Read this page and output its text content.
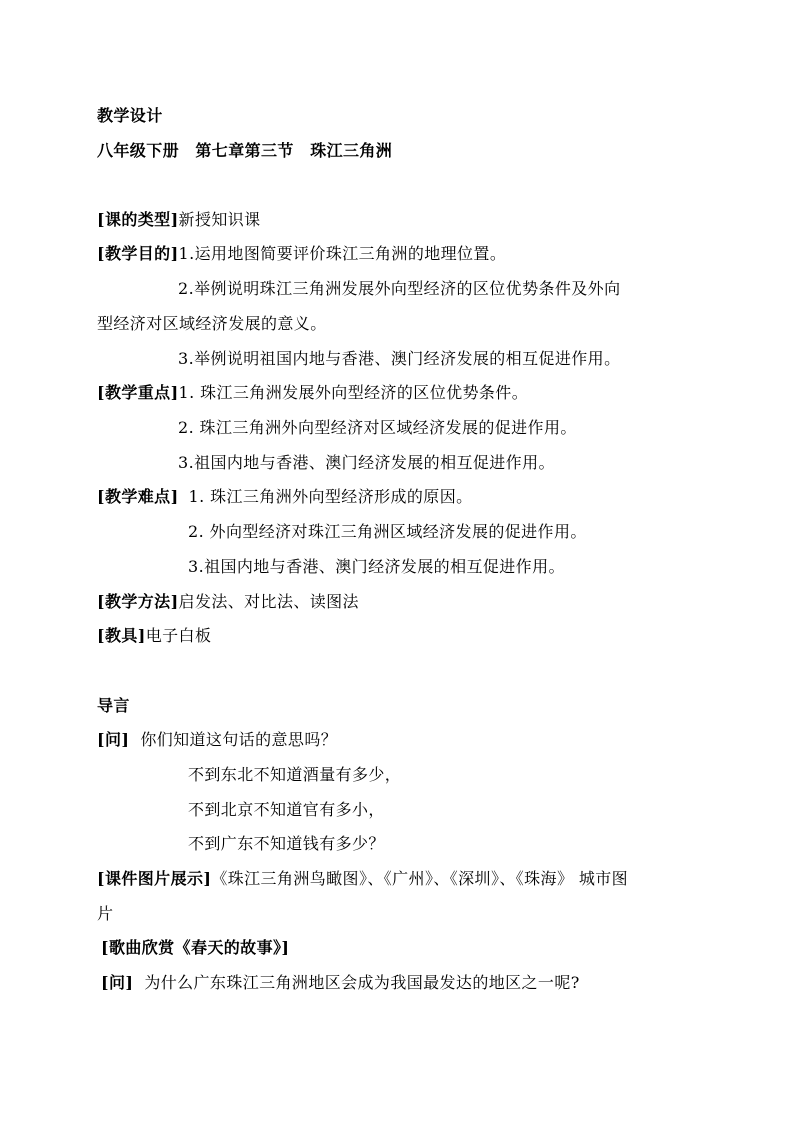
教学设计
八年级下册　第七章第三节　珠江三角洲
[课的类型]新授知识课
[教学目的]1.运用地图简要评价珠江三角洲的地理位置。
2.举例说明珠江三角洲发展外向型经济的区位优势条件及外向
型经济对区域经济发展的意义。
3.举例说明祖国内地与香港、澳门经济发展的相互促进作用。
[教学重点]1. 珠江三角洲发展外向型经济的区位优势条件。
2. 珠江三角洲外向型经济对区域经济发展的促进作用。
3.祖国内地与香港、澳门经济发展的相互促进作用。
[教学难点] 1. 珠江三角洲外向型经济形成的原因。
2. 外向型经济对珠江三角洲区域经济发展的促进作用。
3.祖国内地与香港、澳门经济发展的相互促进作用。
[教学方法]启发法、对比法、读图法
[教具]电子白板
导言
[问]  你们知道这句话的意思吗？
不到东北不知道酒量有多少，
不到北京不知道官有多小，
不到广东不知道钱有多少？
[课件图片展示]《珠江三角洲鸟瞰图》、《广州》、《深圳》、《珠海》 城市图
片
[歌曲欣赏《春天的故事》]
[问]  为什么广东珠江三角洲地区会成为我国最发达的地区之一呢?
